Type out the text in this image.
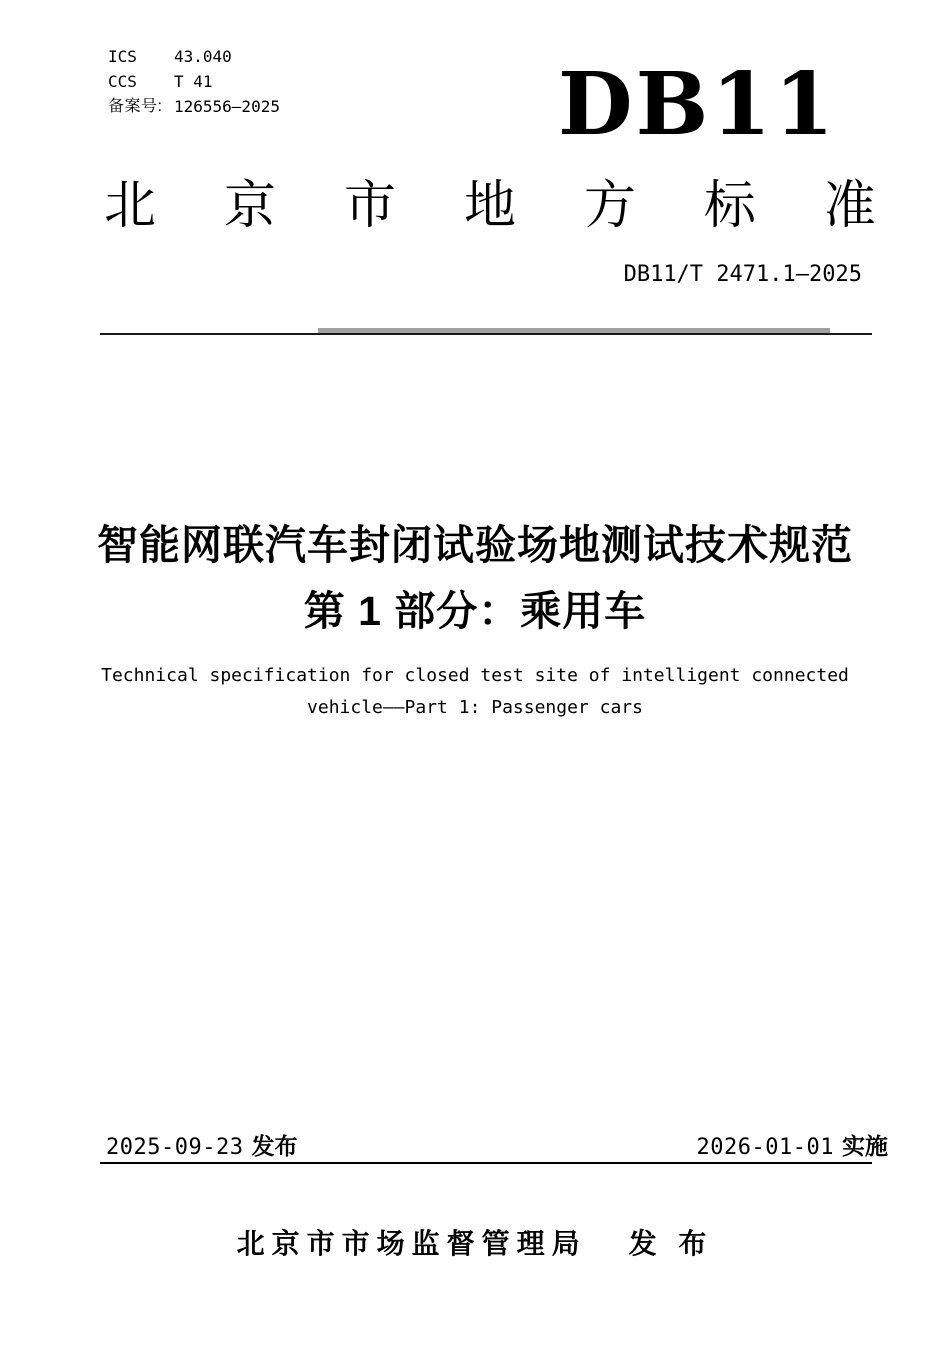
ICS	43.040
CCS	T 41
备案号: 126556—2025	DB11
北 京 市 地 方 标 准
DB11/T 2471.1—2025
智能网联汽车封闭试验场地测试技术规范
第 1 部分：乘用车
Technical specification for closed test site of intelligent connected
vehicle——Part 1: Passenger cars
2025-09-23 发布	2026-01-01 实施
北京市市场监督管理局 发 布
